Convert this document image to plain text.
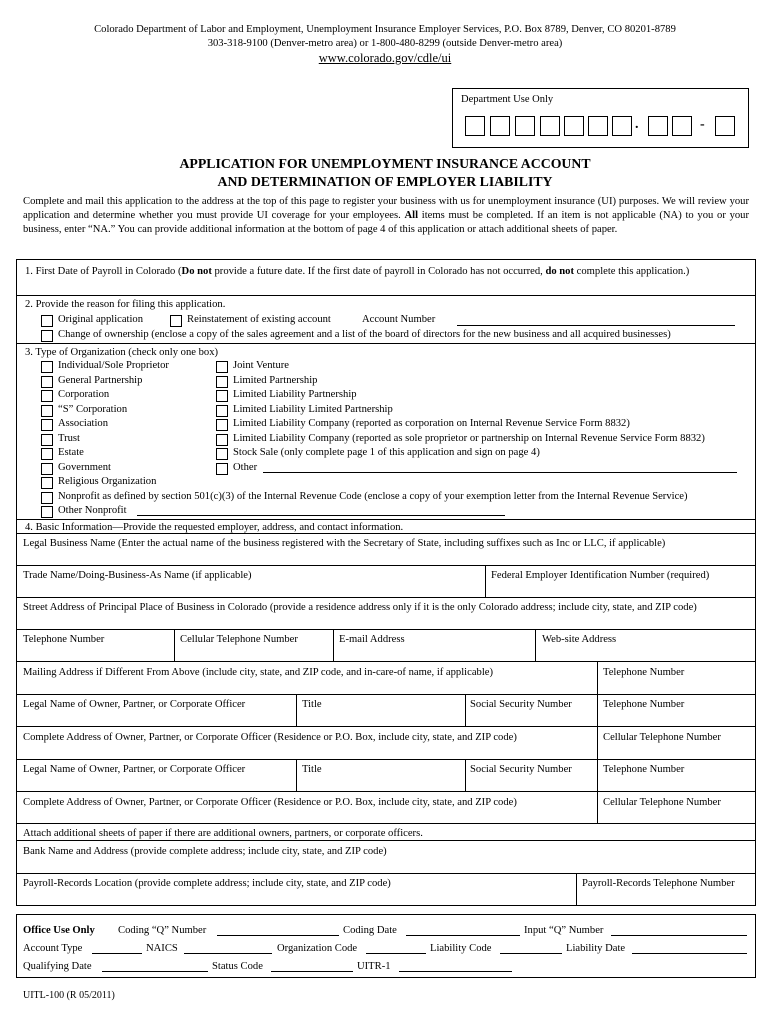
Colorado Department of Labor and Employment, Unemployment Insurance Employer Services, P.O. Box 8789, Denver, CO 80201-8789
303-318-9100 (Denver-metro area) or 1-800-480-8299 (outside Denver-metro area)
www.colorado.gov/cdle/ui
Department Use Only
.	-
APPLICATION FOR UNEMPLOYMENT INSURANCE ACCOUNT
AND DETERMINATION OF EMPLOYER LIABILITY
Complete and mail this application to the address at the top of this page to register your business with us for unemployment insurance (UI) purposes. We will review your application and determine whether you must provide UI coverage for your employees. All items must be completed. If an item is not applicable (NA) to you or your business, enter “NA.” You can provide additional information at the bottom of page 4 of this application or attach additional sheets of paper.
1. First Date of Payroll in Colorado (Do not provide a future date. If the first date of payroll in Colorado has not occurred, do not complete this application.)
2. Provide the reason for filing this application.
Original application	Reinstatement of existing account	Account Number
Change of ownership (enclose a copy of the sales agreement and a list of the board of directors for the new business and all acquired businesses)
3. Type of Organization (check only one box)
Individual/Sole Proprietor
General Partnership
Corporation
“S” Corporation
Association
Trust
Estate
Government
Religious Organization
Joint Venture
Limited Partnership
Limited Liability Partnership
Limited Liability Limited Partnership
Limited Liability Company (reported as corporation on Internal Revenue Service Form 8832)
Limited Liability Company (reported as sole proprietor or partnership on Internal Revenue Service Form 8832)
Stock Sale (only complete page 1 of this application and sign on page 4)
Other
Nonprofit as defined by section 501(c)(3) of the Internal Revenue Code (enclose a copy of your exemption letter from the Internal Revenue Service)
Other Nonprofit
4. Basic Information—Provide the requested employer, address, and contact information.
Legal Business Name (Enter the actual name of the business registered with the Secretary of State, including suffixes such as Inc or LLC, if applicable)
Trade Name/Doing-Business-As Name (if applicable)	Federal Employer Identification Number (required)
Street Address of Principal Place of Business in Colorado (provide a residence address only if it is the only Colorado address; include city, state, and ZIP code)
Telephone Number	Cellular Telephone Number	E-mail Address	Web-site Address
Mailing Address if Different From Above (include city, state, and ZIP code, and in-care-of name, if applicable)	Telephone Number
Legal Name of Owner, Partner, or Corporate Officer	Title	Social Security Number	Telephone Number
Complete Address of Owner, Partner, or Corporate Officer (Residence or P.O. Box, include city, state, and ZIP code)	Cellular Telephone Number
Legal Name of Owner, Partner, or Corporate Officer	Title	Social Security Number	Telephone Number
Complete Address of Owner, Partner, or Corporate Officer (Residence or P.O. Box, include city, state, and ZIP code)	Cellular Telephone Number
Attach additional sheets of paper if there are additional owners, partners, or corporate officers.
Bank Name and Address (provide complete address; include city, state, and ZIP code)
Payroll-Records Location (provide complete address; include city, state, and ZIP code)	Payroll-Records Telephone Number
Office Use Only Coding “Q” Number	Coding Date	Input “Q” Number
Account Type	NAICS	Organization Code	Liability Code	Liability Date
Qualifying Date	Status Code	UITR-1
UITL-100 (R 05/2011)
